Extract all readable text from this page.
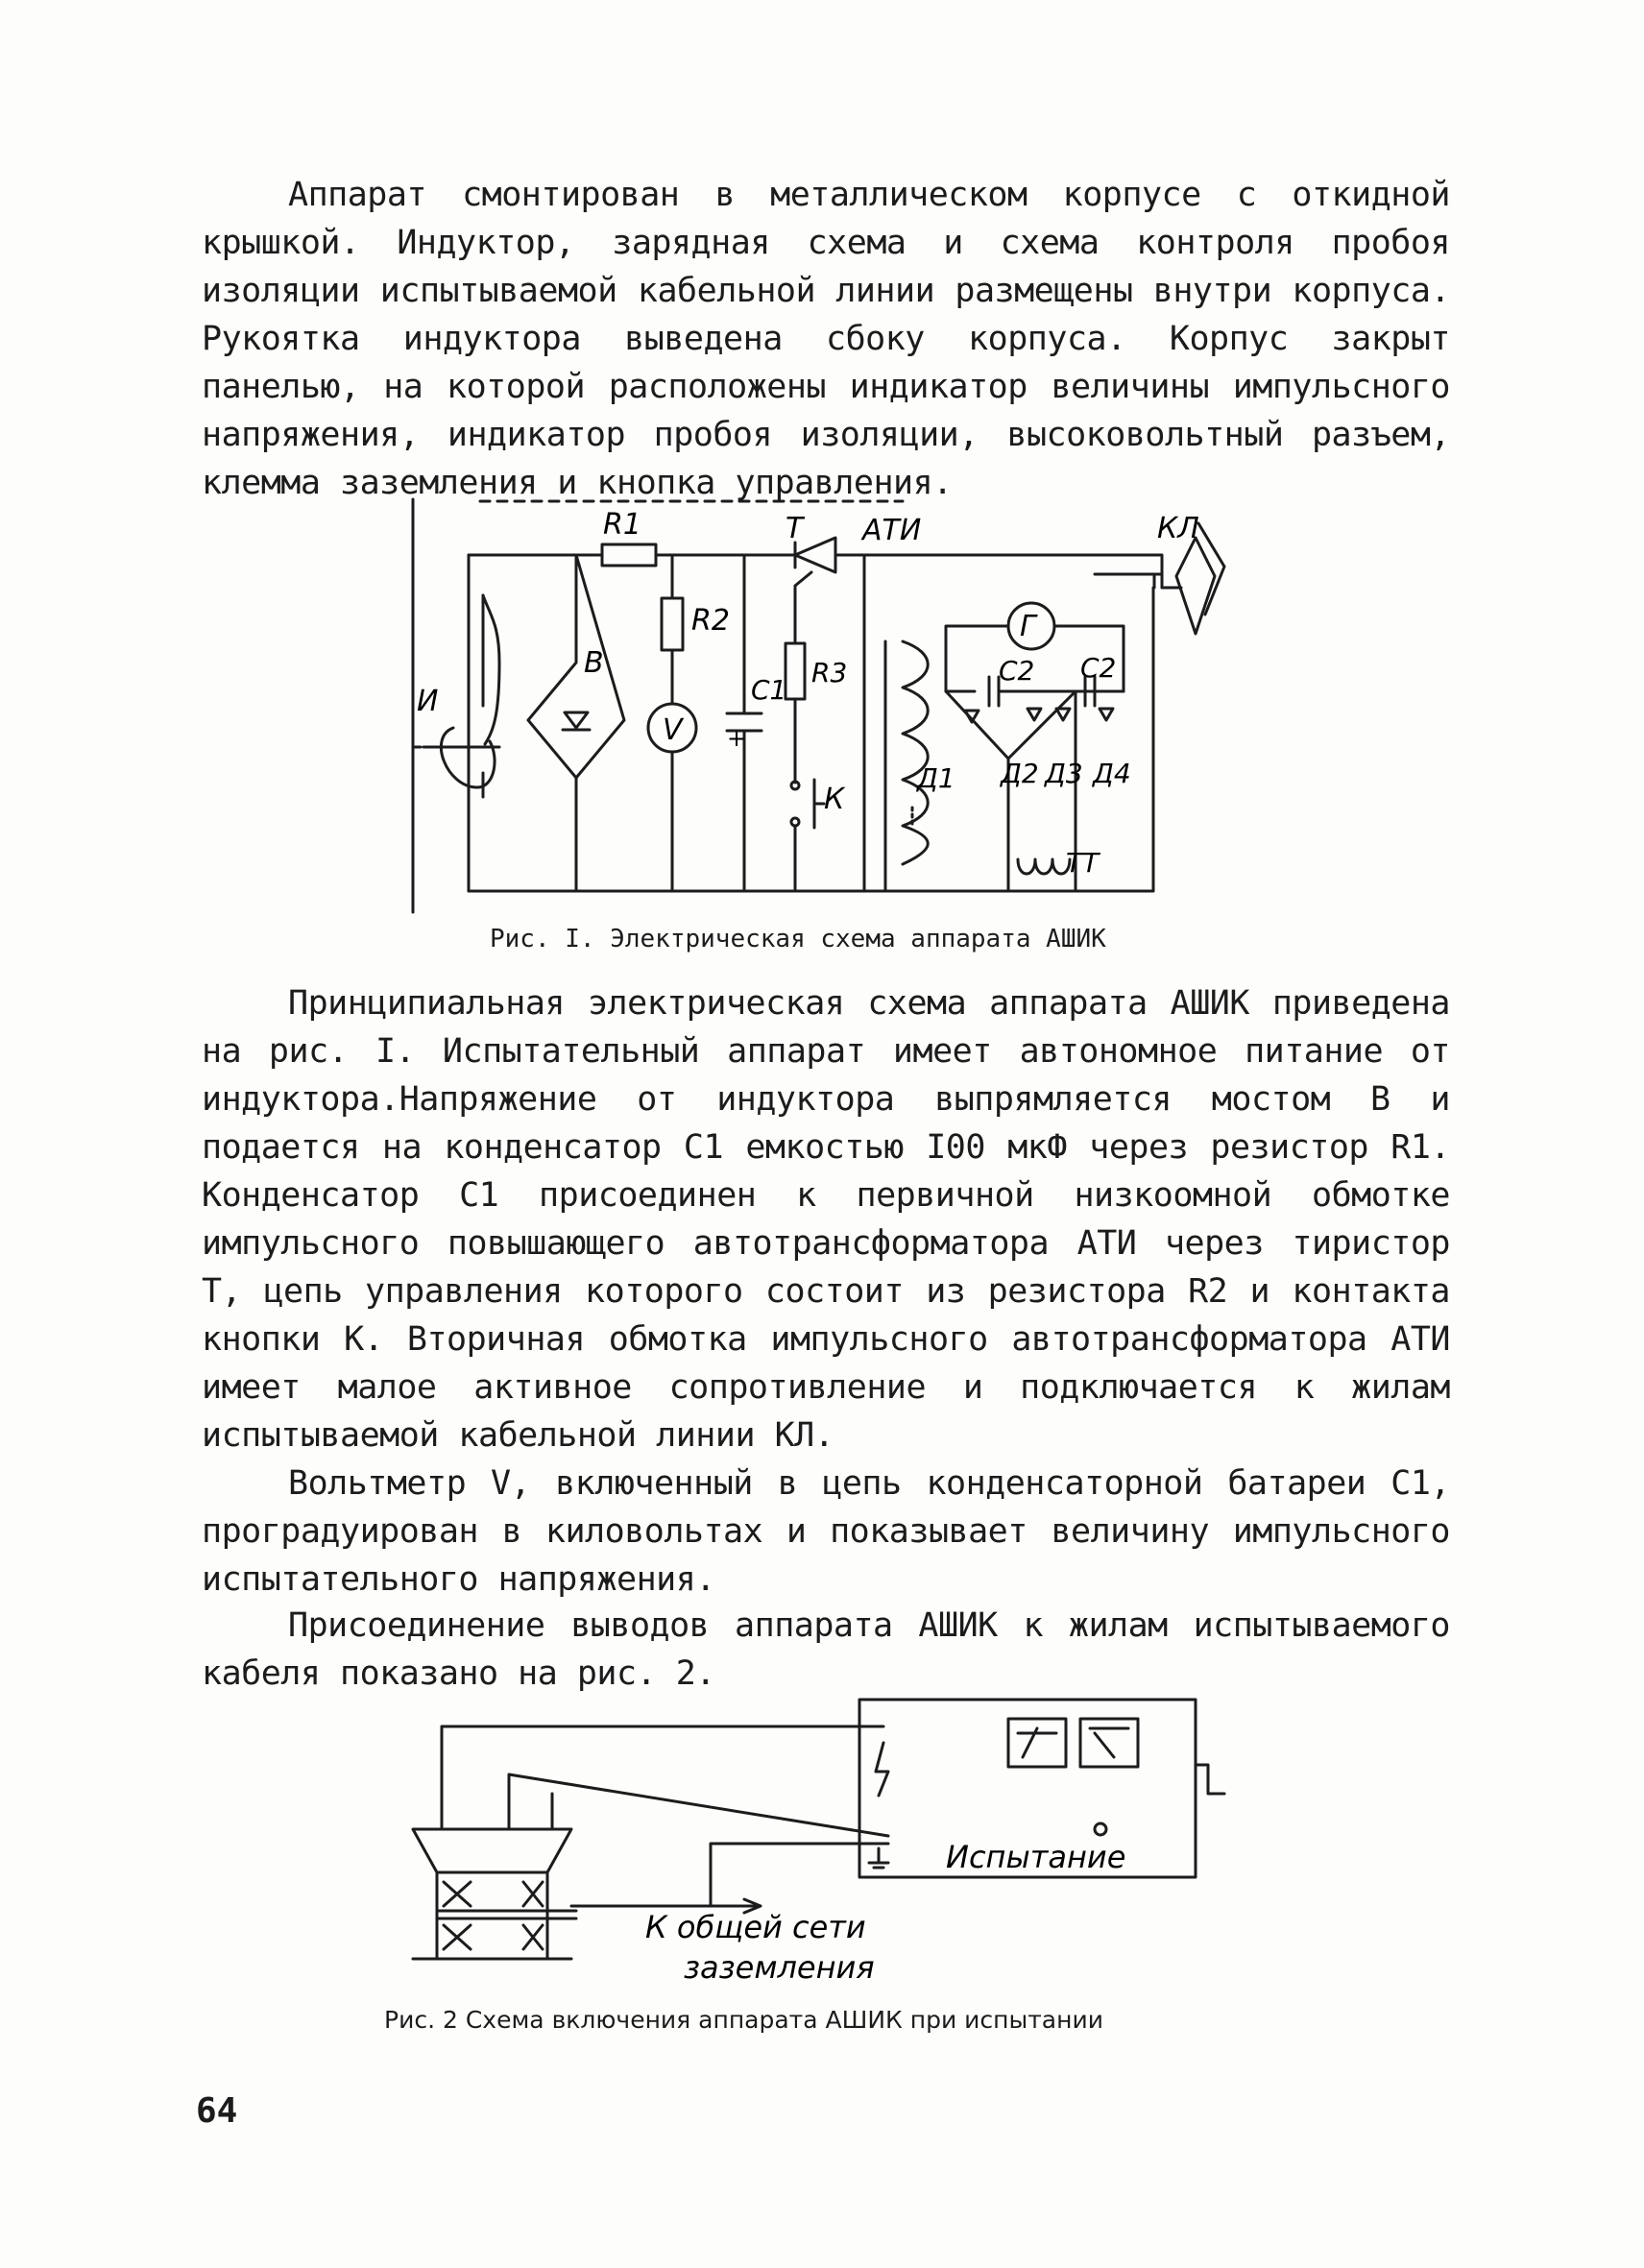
Аппарат смонтирован в металлическом корпусе с откидной крышкой. Индуктор, зарядная схема и схема контроля пробоя изоляции испытываемой кабельной линии размещены внутри корпуса. Рукоятка индуктора выведена сбоку корпуса. Корпус закрыт панелью, на которой расположены индикатор величины импульсного напряжения, индикатор пробоя изоляции, высоковольтный разъем, клемма заземления и кнопка управления.

R1	Т АТИ	КЛ
R2
В	R3
C1
+
И
V
Г
C2 C2
К
Д1 Д2 Д3 Д4
ТТ

Рис. I. Электрическая схема аппарата АШИК

Принципиальная электрическая схема аппарата АШИК приведена на рис. I. Испытательный аппарат имеет автономное питание от индуктора.Напряжение от индуктора выпрямляется мостом В и подается на конденсатор С1 емкостью I00 мкФ через резистор R1. Конденсатор С1 присоединен к первичной низкоомной обмотке импульсного повышающего автотрансформатора АТИ через тиристор Т, цепь управления которого состоит из резистора R2 и контакта кнопки К. Вторичная обмотка импульсного автотрансформатора АТИ имеет малое активное сопротивление и подключается к жилам испытываемой кабельной линии КЛ.

Вольтметр V, включенный в цепь конденсаторной батареи С1, проградуирован в киловольтах и показывает величину импульсного испытательного напряжения.

Присоединение выводов аппарата АШИК к жилам испытываемого кабеля показано на рис. 2.

Испытание
К общей сети
заземления

Рис. 2 Схема включения аппарата АШИК при испытании

64
